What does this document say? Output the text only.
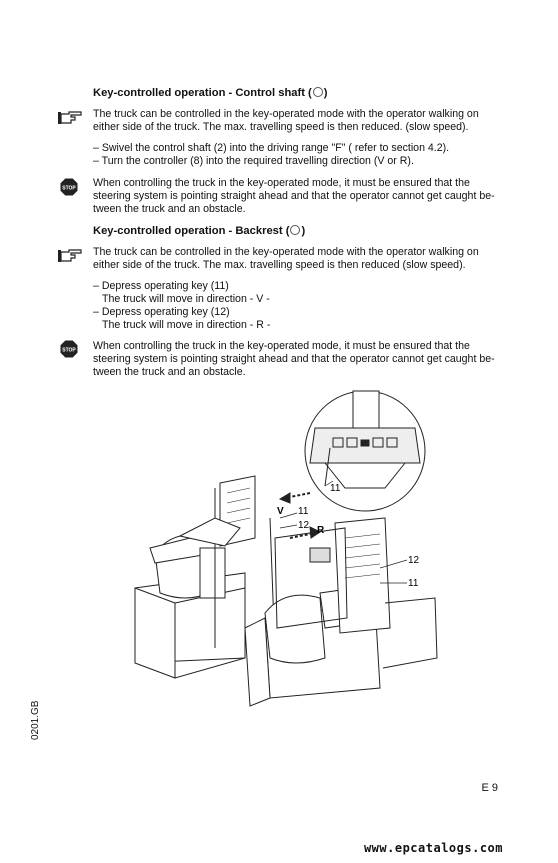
Key-controlled operation - Control shaft ( )

The truck can be controlled in the key-operated mode with the operator walking on

either side of the truck. The max. travelling speed is then reduced. (slow speed).

– Swivel the control shaft (2) into the driving range "F" ( refer to section 4.2).

– Turn the controller (8) into the required travelling direction (V or R).

STOP When controlling the truck in the key-operated mode, it must be ensured that the

steering system is pointing straight ahead and that the operator cannot get caught be-

tween the truck and an obstacle.

Key-controlled operation - Backrest ( )

The truck can be controlled in the key-operated mode with the operator walking on

either side of the truck. The max. travelling speed is then reduced (slow speed).

– Depress operating key (11)

The truck will move in direction - V -

– Depress operating key (12)

The truck will move in direction - R -

STOP When controlling the truck in the key-operated mode, it must be ensured that the

steering system is pointing straight ahead and that the operator cannot get caught be-

tween the truck and an obstacle.

11
V 11
12 R
12
11
0201.GB
E 9
www.epcatalogs.com
